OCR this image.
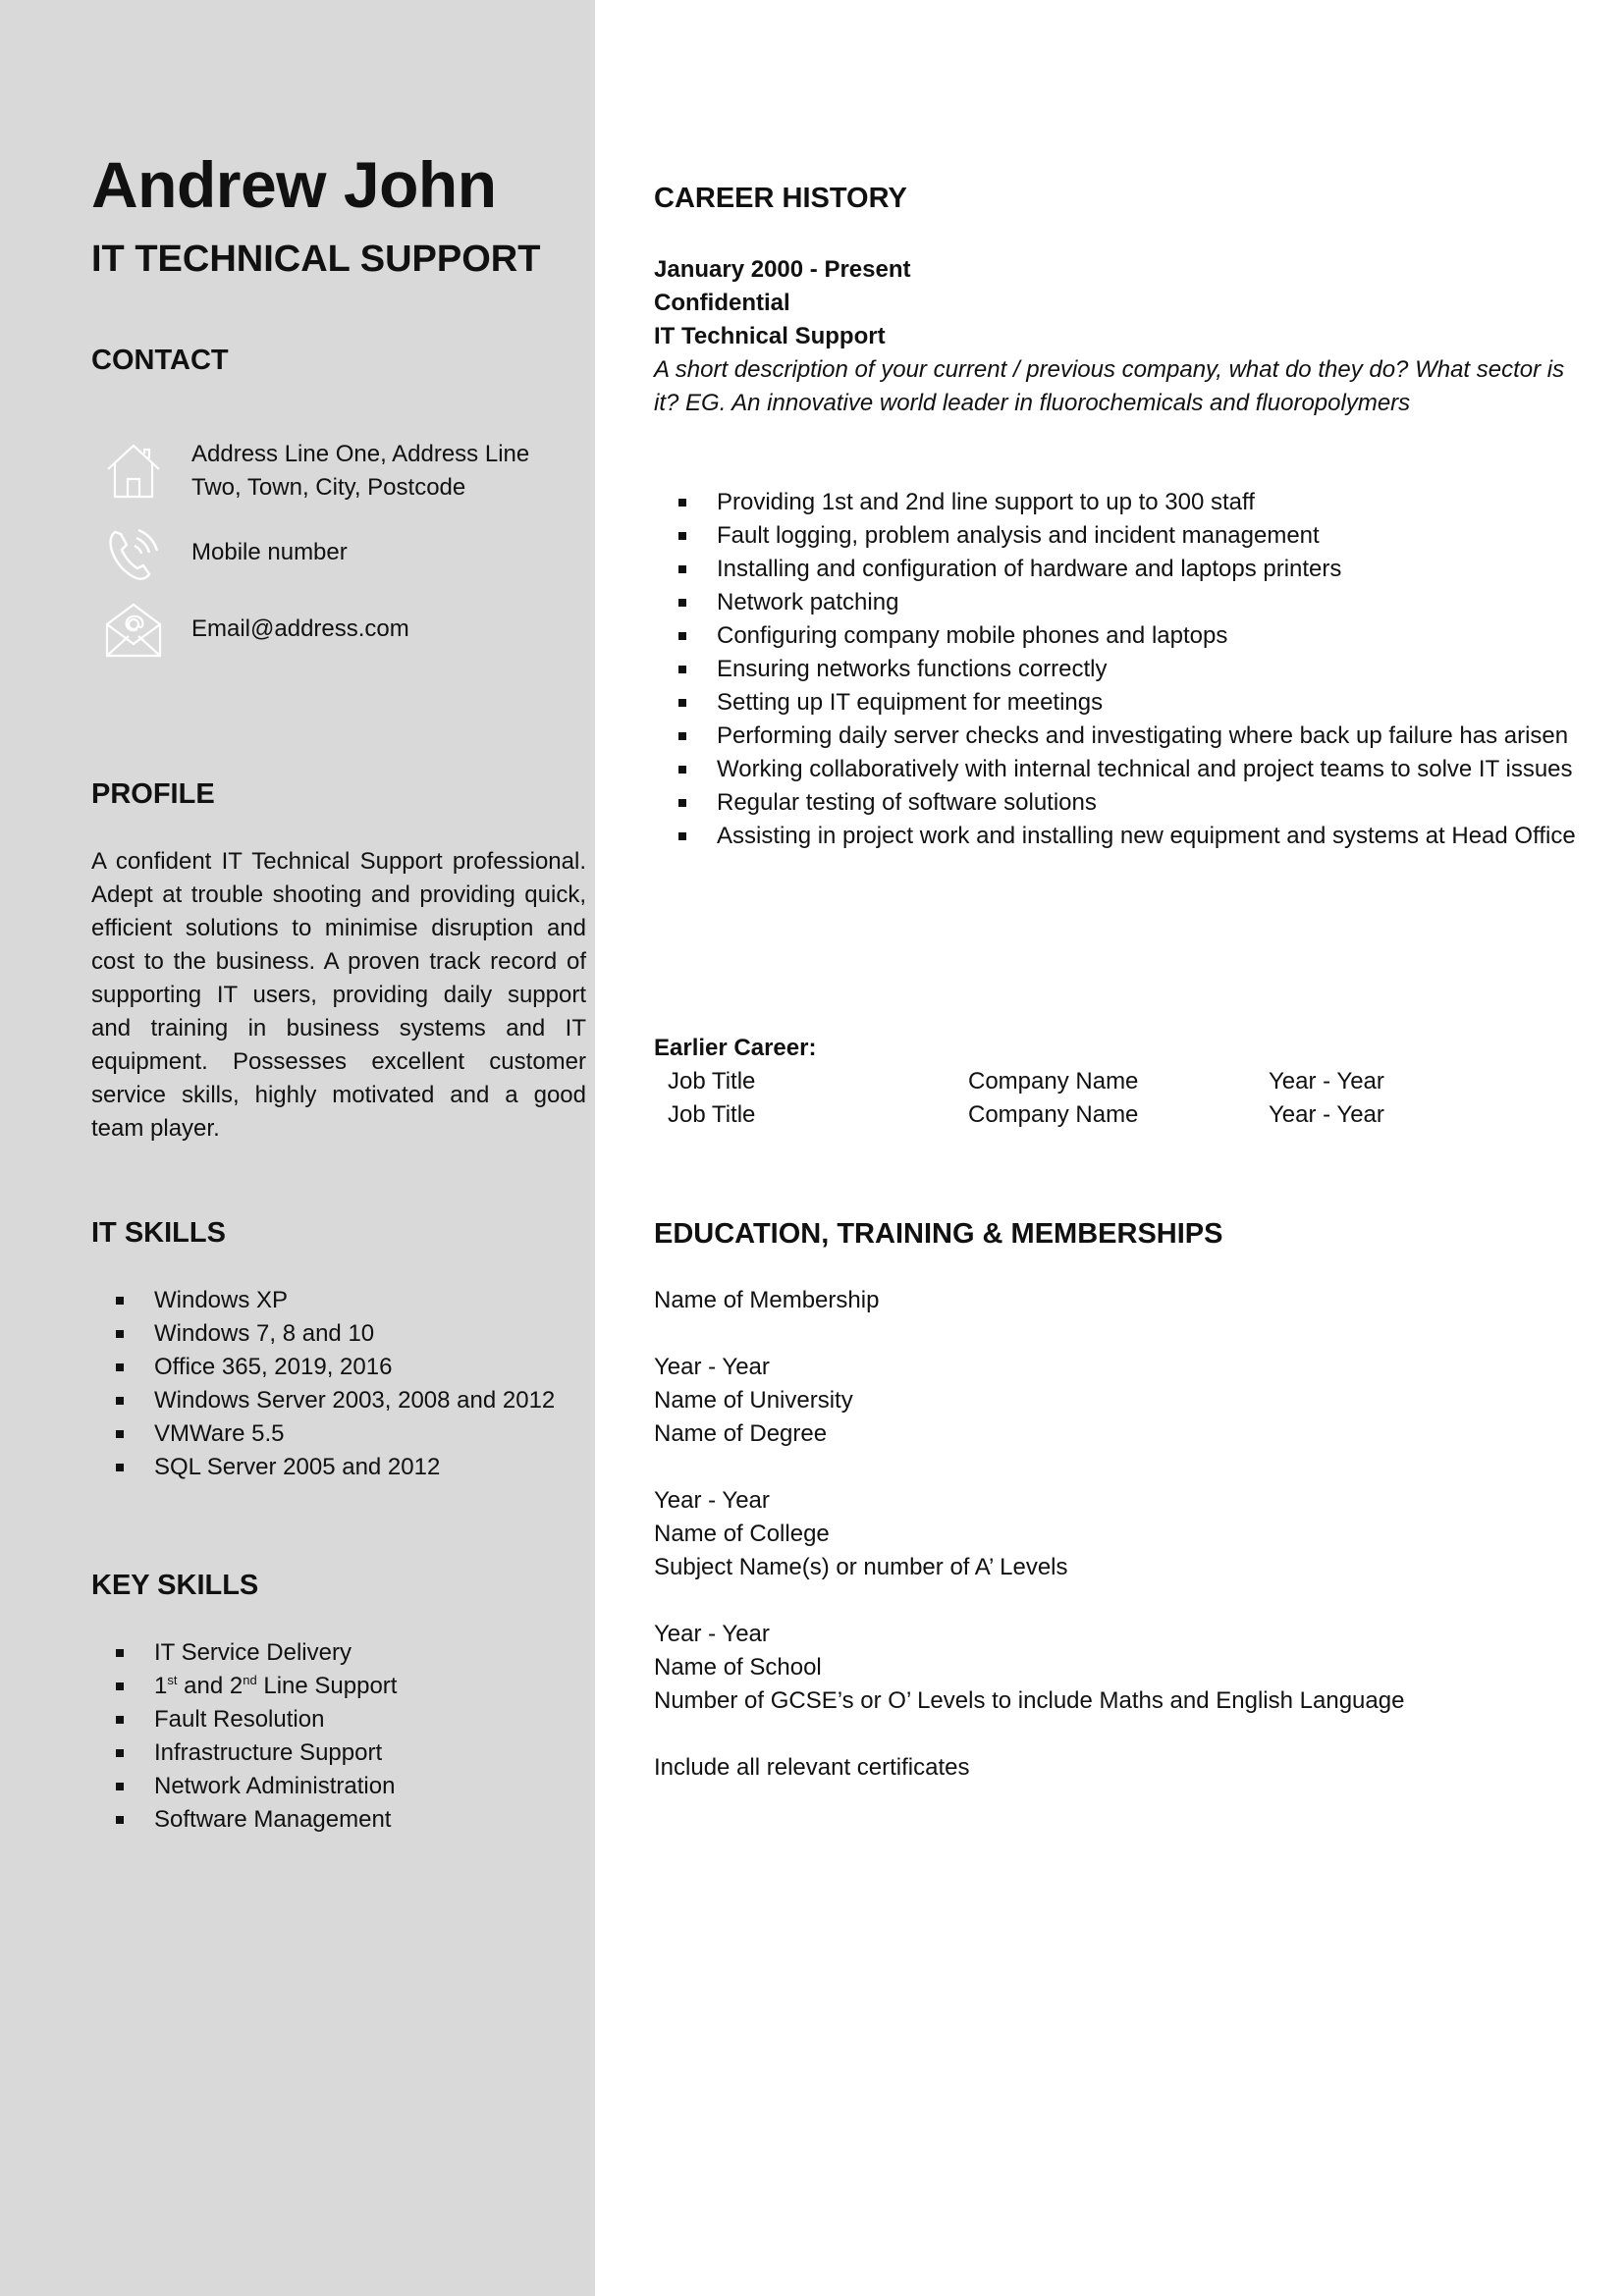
Andrew John
IT TECHNICAL SUPPORT
CONTACT
Address Line One, Address Line
Two, Town, City, Postcode
Mobile number
Email@address.com
PROFILE
A confident IT Technical Support professional. Adept at trouble shooting and providing quick, efficient solutions to minimise disruption and cost to the business. A proven track record of supporting IT users, providing daily support and training in business systems and IT equipment. Possesses excellent customer service skills, highly motivated and a good team player.
IT SKILLS
Windows XP
Windows 7, 8 and 10
Office 365, 2019, 2016
Windows Server 2003, 2008 and 2012
VMWare 5.5
SQL Server 2005 and 2012
KEY SKILLS
IT Service Delivery
1st and 2nd Line Support
Fault Resolution
Infrastructure Support
Network Administration
Software Management
CAREER HISTORY
January 2000 - Present
Confidential
IT Technical Support
A short description of your current / previous company, what do they do? What sector is it? EG. An innovative world leader in fluorochemicals and fluoropolymers
Providing 1st and 2nd line support to up to 300 staff
Fault logging, problem analysis and incident management
Installing and configuration of hardware and laptops printers
Network patching
Configuring company mobile phones and laptops
Ensuring networks functions correctly
Setting up IT equipment for meetings
Performing daily server checks and investigating where back up failure has arisen
Working collaboratively with internal technical and project teams to solve IT issues
Regular testing of software solutions
Assisting in project work and installing new equipment and systems at Head Office
Earlier Career:
Job Title	Company Name	Year - Year
Job Title	Company Name	Year - Year
EDUCATION, TRAINING & MEMBERSHIPS
Name of Membership
Year - Year
Name of University
Name of Degree
Year - Year
Name of College
Subject Name(s) or number of A’ Levels
Year - Year
Name of School
Number of GCSE’s or O’ Levels to include Maths and English Language
Include all relevant certificates
